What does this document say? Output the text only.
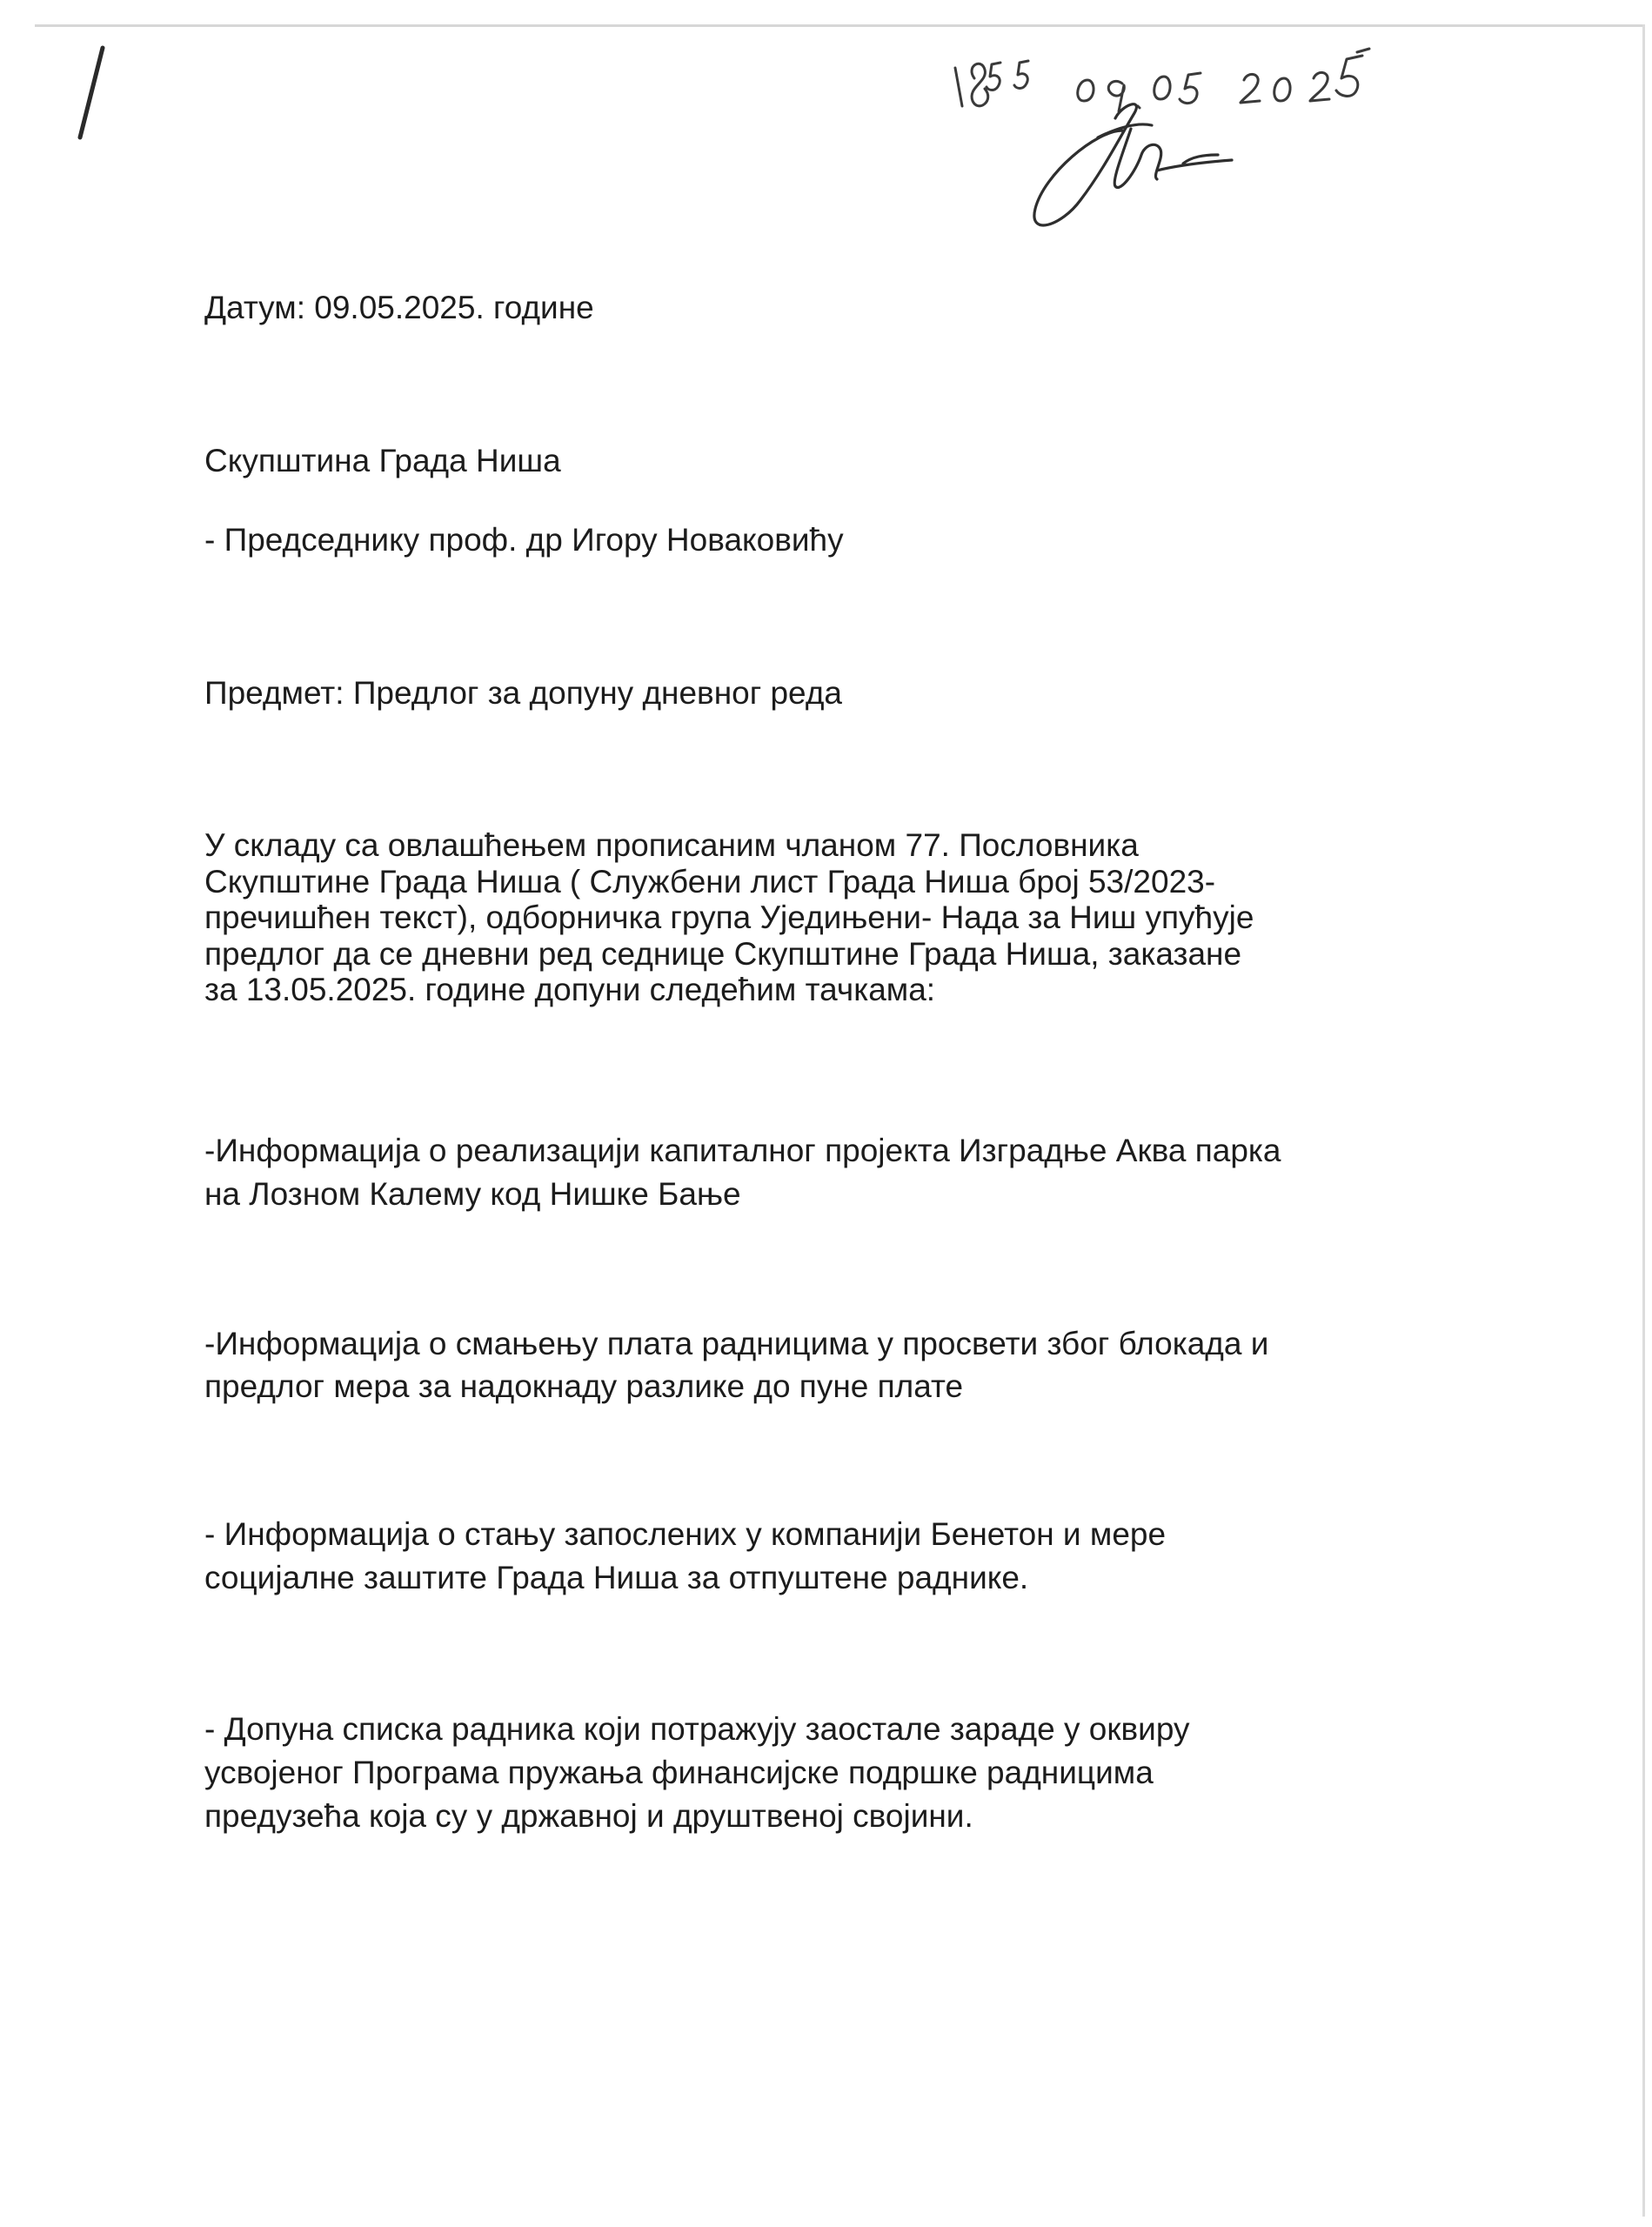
Датум: 09.05.2025. године
Скупштина Града Ниша
- Председнику проф. др Игору Новаковићу
Предмет: Предлог за допуну дневног реда
У складу са овлашћењем прописаним чланом 77. Пословника
Скупштине Града Ниша ( Службени лист Града Ниша број 53/2023-
пречишћен текст), одборничка група Уједињени- Нада за Ниш упућује
предлог да се дневни ред седнице Скупштине Града Ниша, заказане
за 13.05.2025. године допуни следећим тачкама:
-Информација о реализацији капиталног пројекта Изградње Аква парка
на Лозном Калему код Нишке Бање
-Информација о смањењу плата радницима у просвети због блокада и
предлог мера за надокнаду разлике до пуне плате
- Информација о стању запослених у компанији Бенетон и мере
социјалне заштите Града Ниша за отпуштене раднике.
- Допуна списка радника који потражују заостале зараде у оквиру
усвојеног Програма пружања финансијске подршке радницима
предузећа која су у државној и друштвеној својини.
